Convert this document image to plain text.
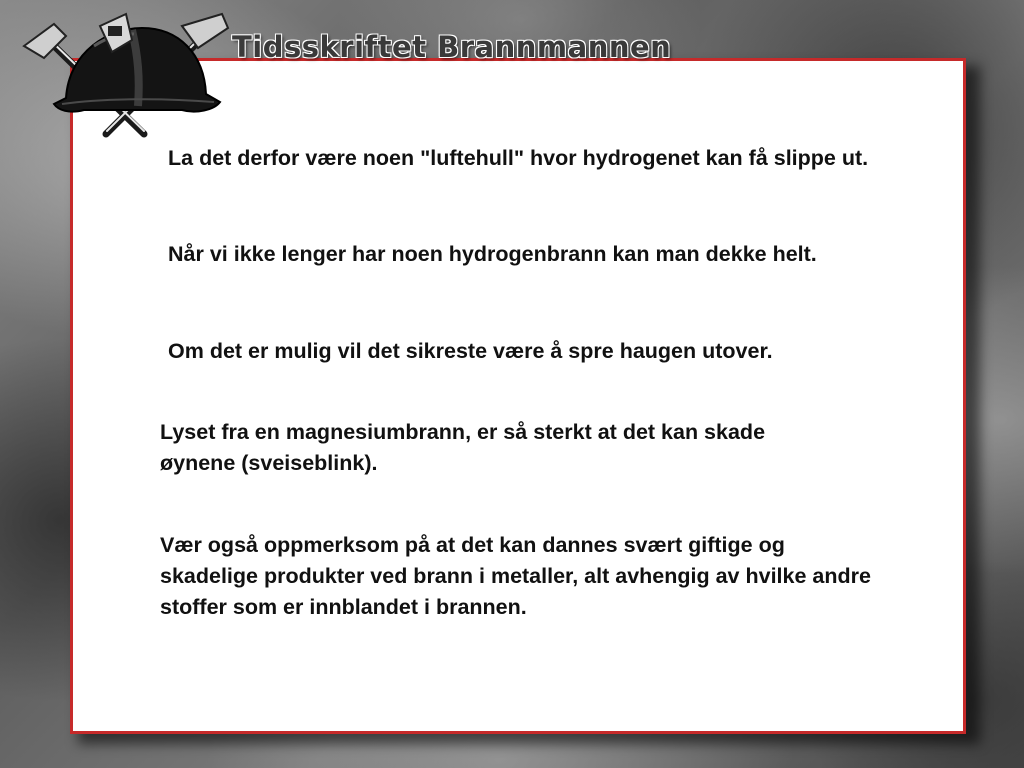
Tidsskriftet Brannmannen

La det derfor være noen "luftehull" hvor hydrogenet kan få slippe ut.

Når vi ikke lenger har noen hydrogenbrann kan man dekke helt.

Om det er mulig vil det sikreste være å spre haugen utover.

Lyset fra en magnesiumbrann, er så sterkt at det kan skade øynene (sveiseblink).

Vær også oppmerksom på at det kan dannes svært giftige og skadelige produkter ved brann i metaller, alt avhengig av hvilke andre stoffer som er innblandet i brannen.
